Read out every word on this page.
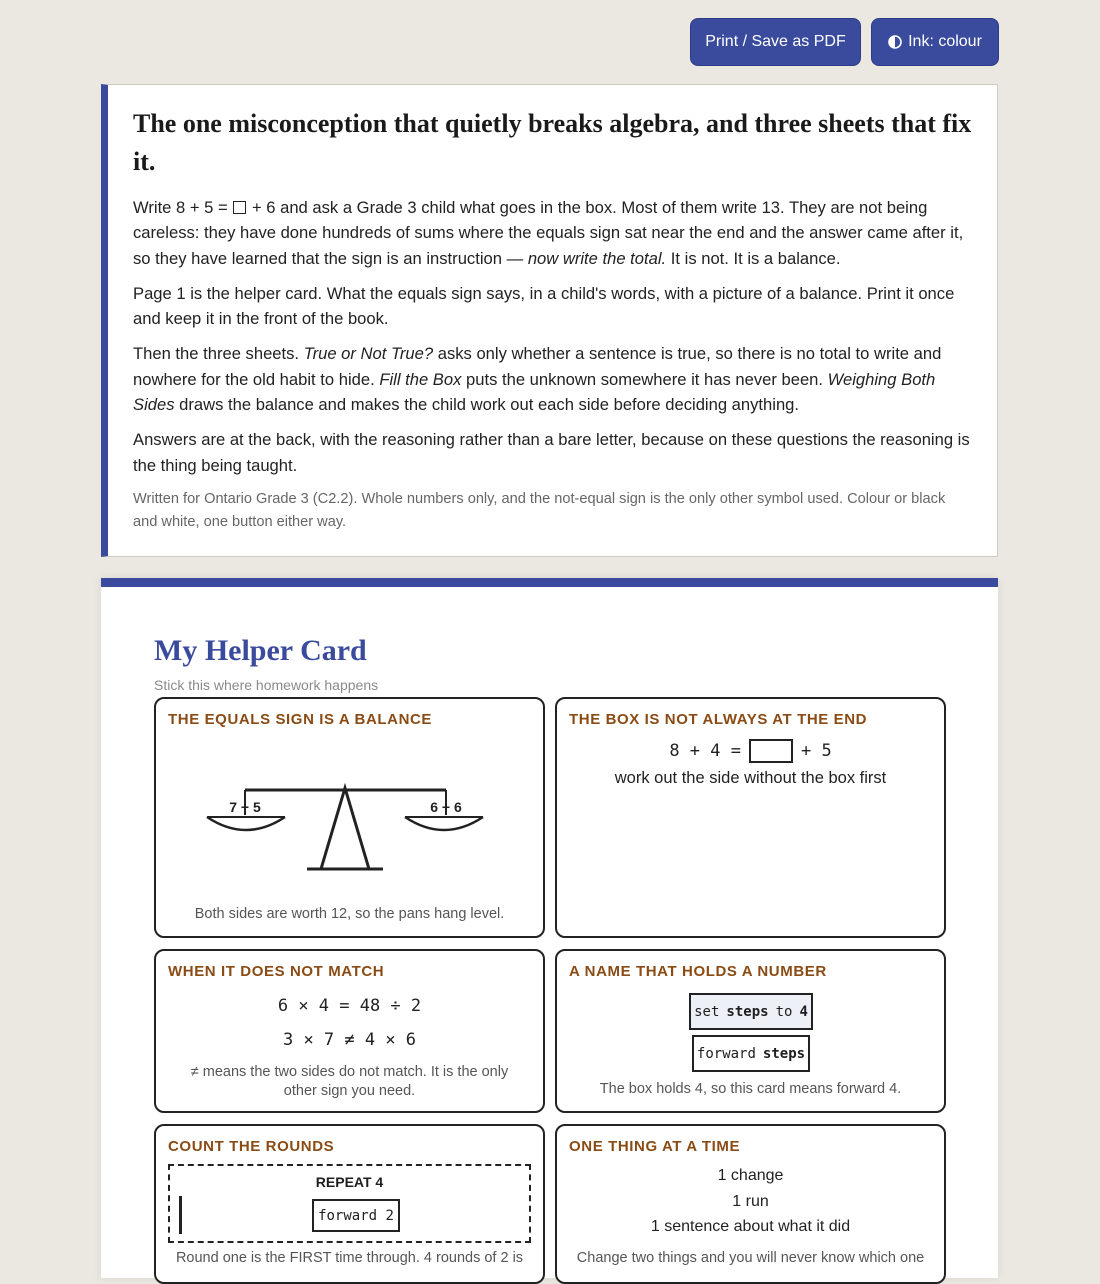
Print / Save as PDF	Ink: colour
The one misconception that quietly breaks algebra, and three sheets that fix it.

Write 8 + 5 = + 6 and ask a Grade 3 child what goes in the box. Most of them write 13. They are not being careless: they have done hundreds of sums where the equals sign sat near the end and the answer came after it, so they have learned that the sign is an instruction — now write the total. It is not. It is a balance.

Page 1 is the helper card. What the equals sign says, in a child's words, with a picture of a balance. Print it once and keep it in the front of the book.

Then the three sheets. True or Not True? asks only whether a sentence is true, so there is no total to write and nowhere for the old habit to hide. Fill the Box puts the unknown somewhere it has never been. Weighing Both Sides draws the balance and makes the child work out each side before deciding anything.

Answers are at the back, with the reasoning rather than a bare letter, because on these questions the reasoning is the thing being taught.

Written for Ontario Grade 3 (C2.2). Whole numbers only, and the not-equal sign is the only other symbol used. Colour or black and white, one button either way.

My Helper Card
Stick this where homework happens
THE EQUALS SIGN IS A BALANCE
7 + 5	6 + 6
Both sides are worth 12, so the pans hang level.
THE BOX IS NOT ALWAYS AT THE END
8 + 4 =	+ 5
work out the side without the box first
WHEN IT DOES NOT MATCH
6 × 4 = 48 ÷ 2
3 × 7 ≠ 4 × 6
≠ means the two sides do not match. It is the only other sign you need.
A NAME THAT HOLDS A NUMBER
set steps to 4
forward steps
The box holds 4, so this card means forward 4.
COUNT THE ROUNDS
REPEAT 4
forward 2
Round one is the FIRST time through. 4 rounds of 2 is
ONE THING AT A TIME
1 change
1 run
1 sentence about what it did
Change two things and you will never know which one
